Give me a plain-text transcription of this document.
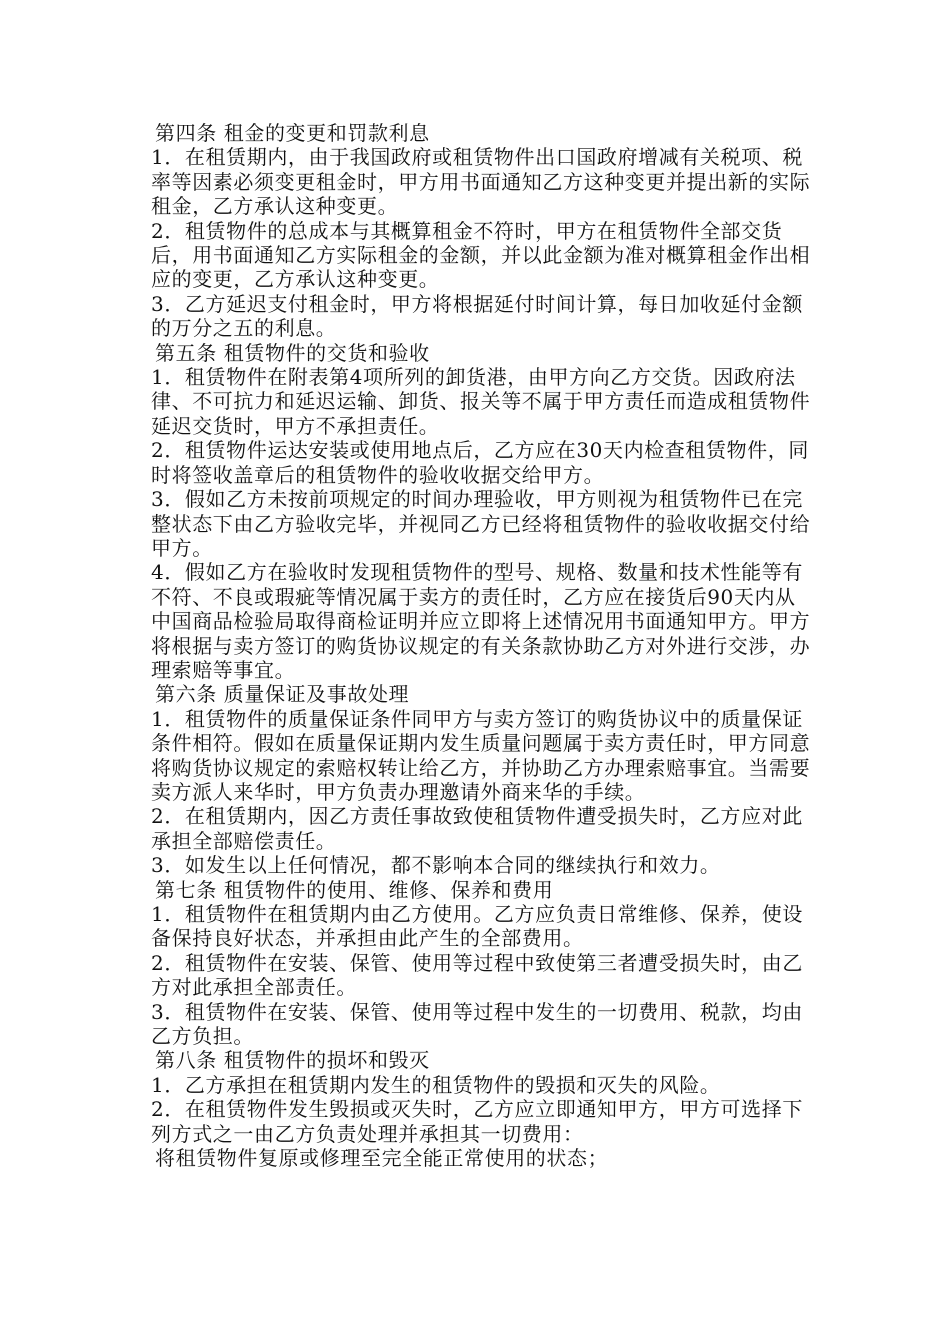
第四条 租金的变更和罚款利息

1．在租赁期内，由于我国政府或租赁物件出口国政府增减有关税项、税率等因素必须变更租金时，甲方用书面通知乙方这种变更并提出新的实际租金，乙方承认这种变更。

2．租赁物件的总成本与其概算租金不符时，甲方在租赁物件全部交货后，用书面通知乙方实际租金的金额，并以此金额为准对概算租金作出相应的变更，乙方承认这种变更。

3．乙方延迟支付租金时，甲方将根据延付时间计算，每日加收延付金额的万分之五的利息。

第五条 租赁物件的交货和验收

1．租赁物件在附表第4项所列的卸货港，由甲方向乙方交货。因政府法律、不可抗力和延迟运输、卸货、报关等不属于甲方责任而造成租赁物件延迟交货时，甲方不承担责任。

2．租赁物件运达安装或使用地点后，乙方应在30天内检查租赁物件，同时将签收盖章后的租赁物件的验收收据交给甲方。

3．假如乙方未按前项规定的时间办理验收，甲方则视为租赁物件已在完整状态下由乙方验收完毕，并视同乙方已经将租赁物件的验收收据交付给甲方。

4．假如乙方在验收时发现租赁物件的型号、规格、数量和技术性能等有不符、不良或瑕疵等情况属于卖方的责任时，乙方应在接货后90天内从中国商品检验局取得商检证明并应立即将上述情况用书面通知甲方。甲方将根据与卖方签订的购货协议规定的有关条款协助乙方对外进行交涉，办理索赔等事宜。

第六条 质量保证及事故处理

1．租赁物件的质量保证条件同甲方与卖方签订的购货协议中的质量保证条件相符。假如在质量保证期内发生质量问题属于卖方责任时，甲方同意将购货协议规定的索赔权转让给乙方，并协助乙方办理索赔事宜。当需要卖方派人来华时，甲方负责办理邀请外商来华的手续。

2．在租赁期内，因乙方责任事故致使租赁物件遭受损失时，乙方应对此承担全部赔偿责任。

3．如发生以上任何情况，都不影响本合同的继续执行和效力。

第七条 租赁物件的使用、维修、保养和费用

1．租赁物件在租赁期内由乙方使用。乙方应负责日常维修、保养，使设备保持良好状态，并承担由此产生的全部费用。

2．租赁物件在安装、保管、使用等过程中致使第三者遭受损失时，由乙方对此承担全部责任。

3．租赁物件在安装、保管、使用等过程中发生的一切费用、税款，均由乙方负担。

第八条 租赁物件的损坏和毁灭

1．乙方承担在租赁期内发生的租赁物件的毁损和灭失的风险。

2．在租赁物件发生毁损或灭失时，乙方应立即通知甲方，甲方可选择下列方式之一由乙方负责处理并承担其一切费用：

将租赁物件复原或修理至完全能正常使用的状态；
